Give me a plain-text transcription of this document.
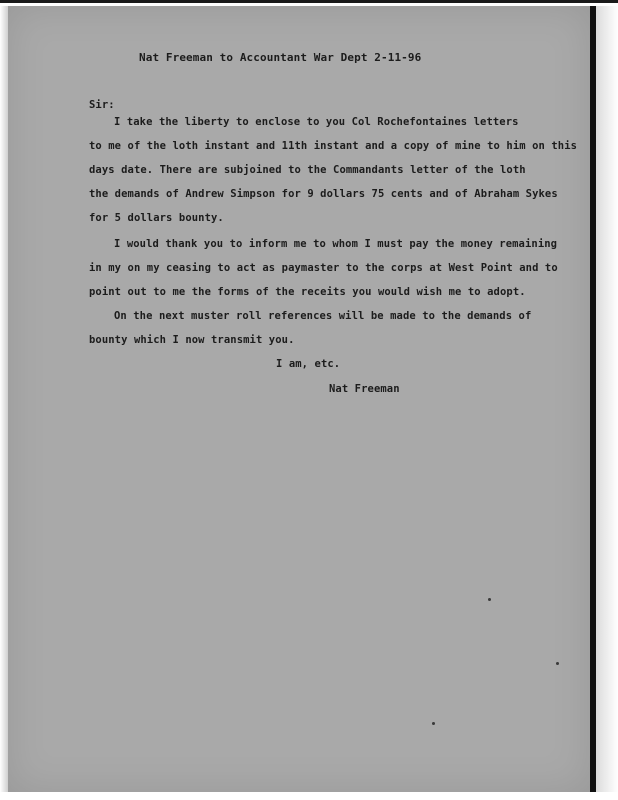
Nat Freeman to Accountant War Dept 2-11-96
Sir:
I take the liberty to enclose to you Col Rochefontaines letters
to me of the loth instant and 11th instant and a copy of mine to him on this
days date. There are subjoined to the Commandants letter of the loth
the demands of Andrew Simpson for 9 dollars 75 cents and of Abraham Sykes
for 5 dollars bounty.
I would thank you to inform me to whom I must pay the money remaining
in my on my ceasing to act as paymaster to the corps at West Point and to
point out to me the forms of the receits you would wish me to adopt.
On the next muster roll references will be made to the demands of
bounty which I now transmit you.
I am, etc.
Nat Freeman
